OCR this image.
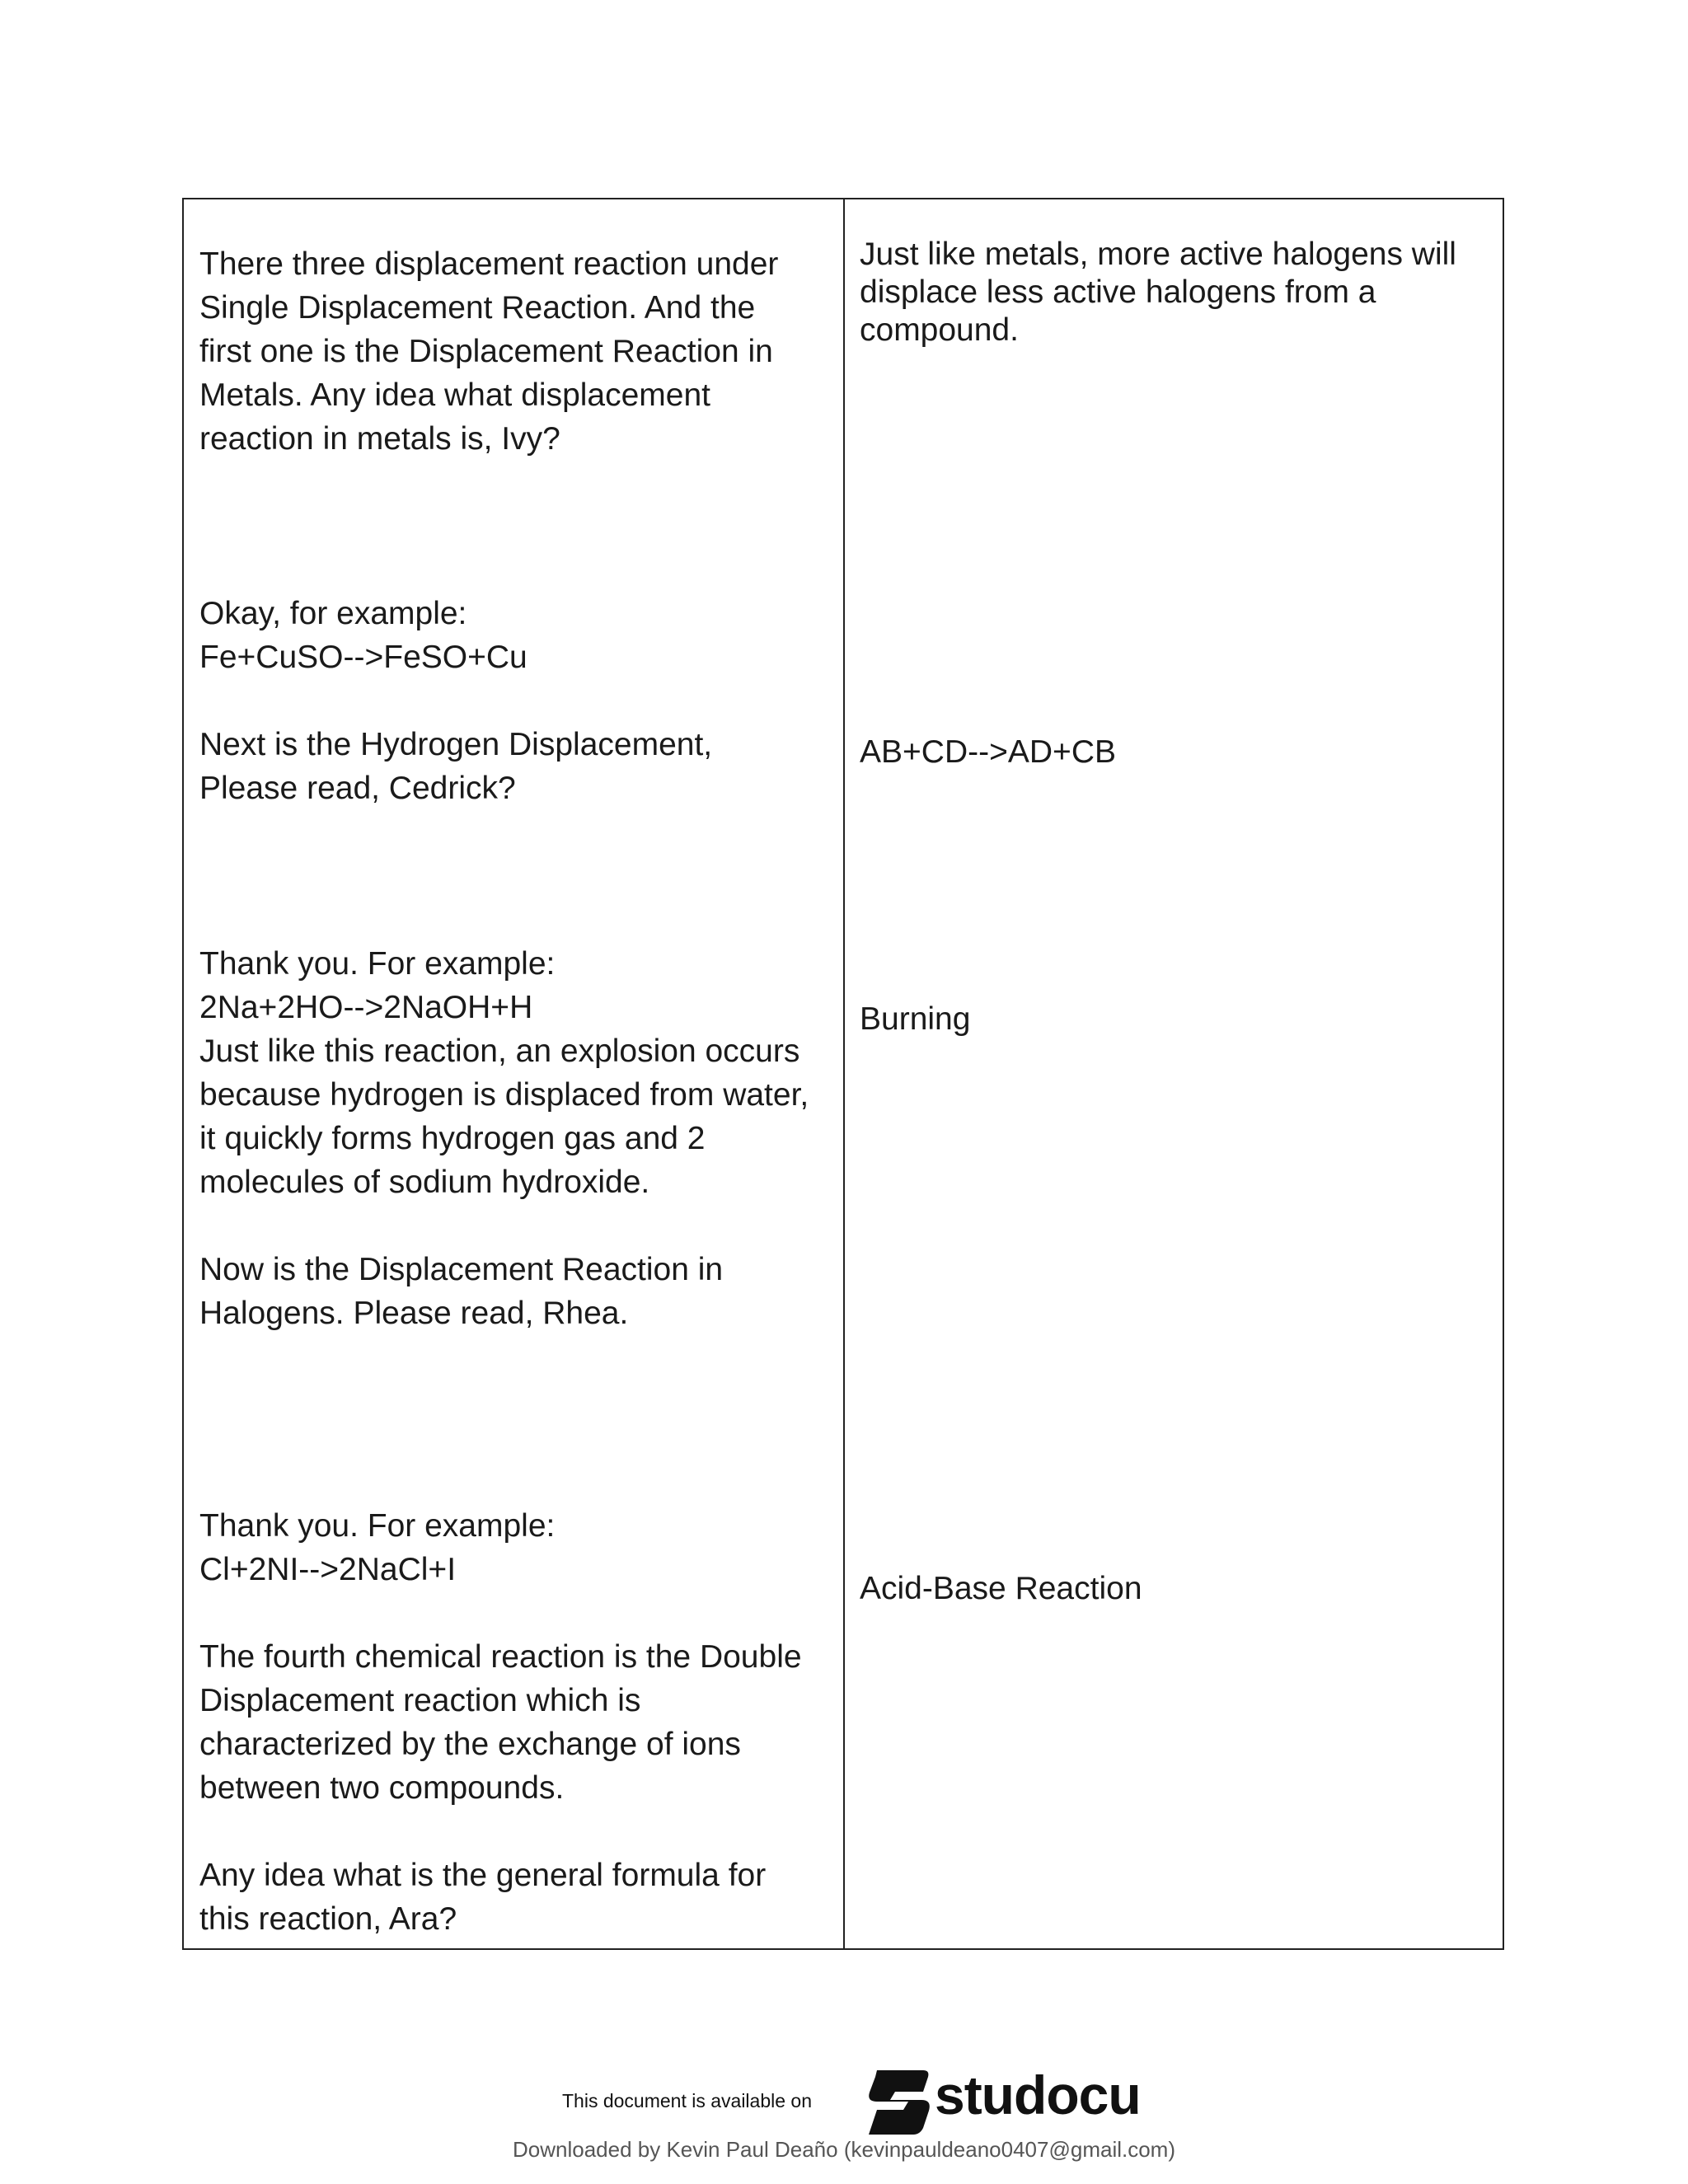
There three displacement reaction under
Single Displacement Reaction. And the
first one is the Displacement Reaction in
Metals. Any idea what displacement
reaction in metals is, Ivy?

Okay, for example:
Fe+CuSO-->FeSO+Cu

Next is the Hydrogen Displacement,
Please read, Cedrick?

Thank you. For example:
2Na+2HO-->2NaOH+H
Just like this reaction, an explosion occurs
because hydrogen is displaced from water,
it quickly forms hydrogen gas and 2
molecules of sodium hydroxide.

Now is the Displacement Reaction in
Halogens. Please read, Rhea.

Thank you. For example:
Cl+2NI-->2NaCl+I

The fourth chemical reaction is the Double
Displacement reaction which is
characterized by the exchange of ions
between two compounds.

Any idea what is the general formula for
this reaction, Ara?

Just like metals, more active halogens will
displace less active halogens from a
compound.

AB+CD-->AD+CB

Burning

Acid-Base Reaction

This document is available on studocu
Downloaded by Kevin Paul Deaño (kevinpauldeano0407@gmail.com)
